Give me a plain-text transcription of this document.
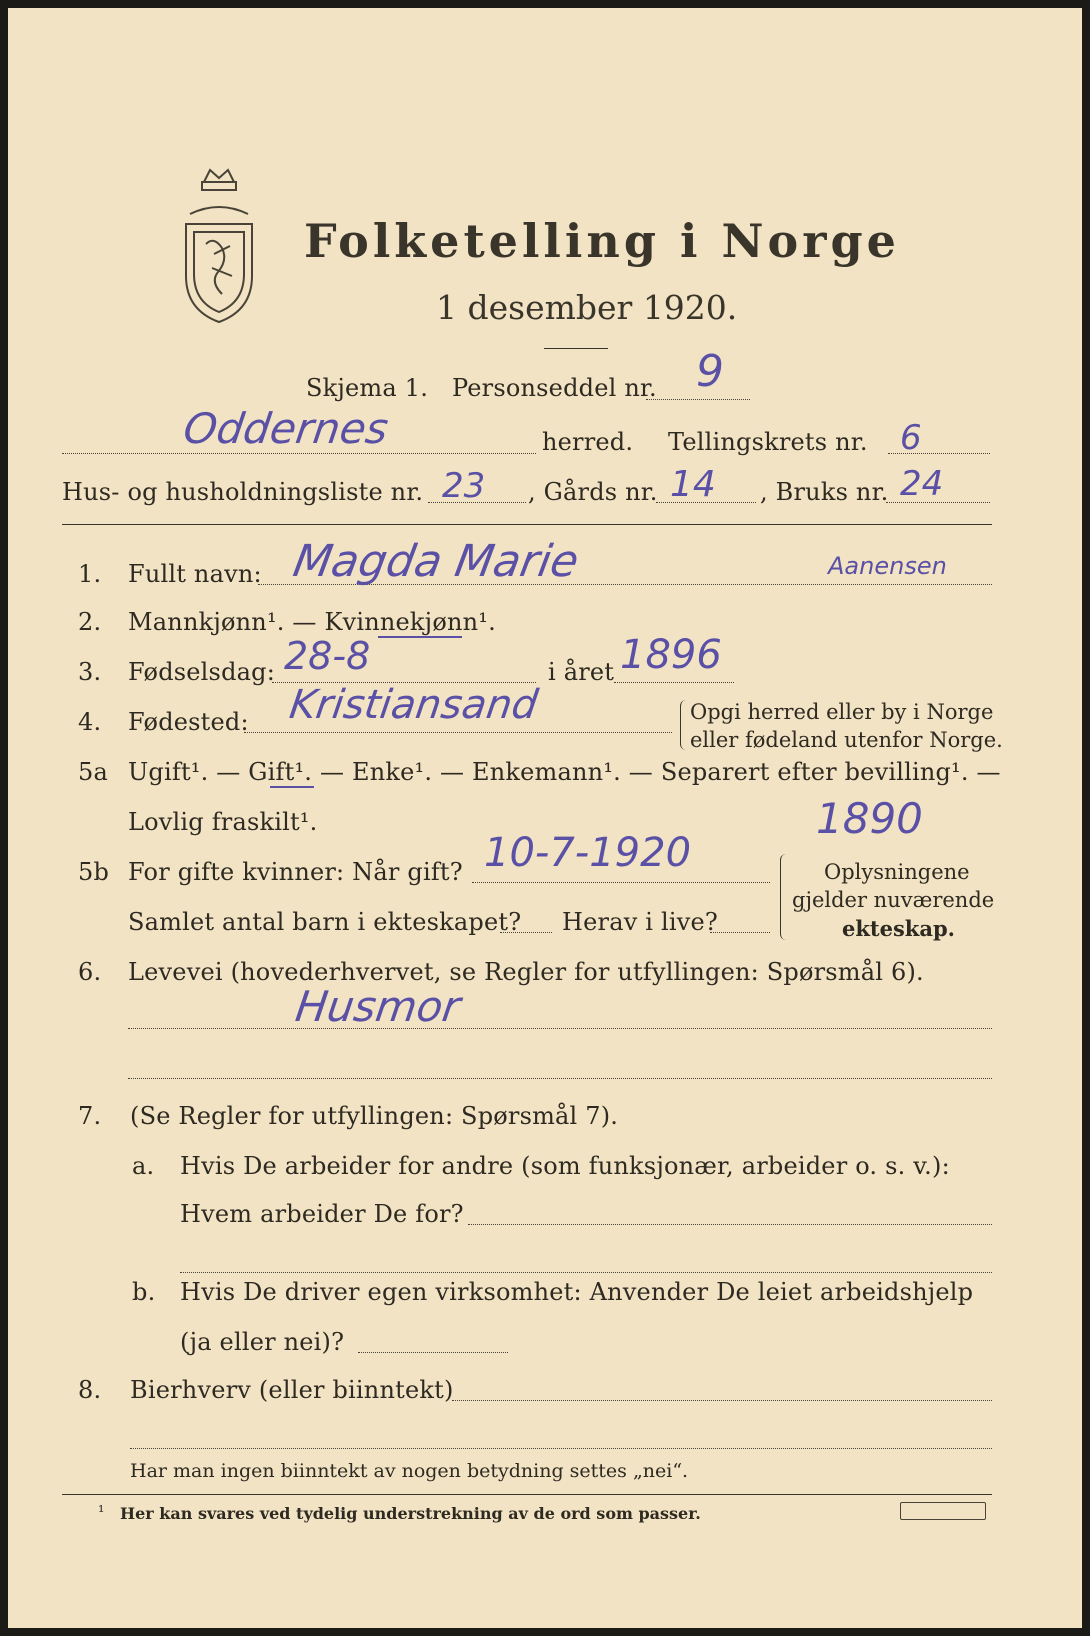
Folketelling i Norge
1 desember 1920.
Skjema 1. Personseddel nr. 9
Oddernes	herred. Tellingskrets nr. 6
Hus- og husholdningsliste nr. 23 , Gårds nr. 14 , Bruks nr. 24
1. Fullt navn: Magda Marie	Aanensen
2. Mannkjønn¹. — Kvinnekjønn¹.
3. Fødselsdag: 28-8	i året 1896
4. Fødested: Kristiansand	Opgi herred eller by i Norge
eller fødeland utenfor Norge.
5a Ugift¹. — Gift¹. — Enke¹. — Enkemann¹. — Separert efter bevilling¹. —
Lovlig fraskilt¹.	1890
5b For gifte kvinner: Når gift? 10-7-1920
Samlet antal barn i ekteskapet? Herav i live?
Oplysningene
gjelder nuværende
ekteskap.
6. Levevei (hovederhvervet, se Regler for utfyllingen: Spørsmål 6).
Husmor
7. (Se Regler for utfyllingen: Spørsmål 7).
a. Hvis De arbeider for andre (som funksjonær, arbeider o. s. v.):
Hvem arbeider De for?
b. Hvis De driver egen virksomhet: Anvender De leiet arbeidshjelp
(ja eller nei)?
8. Bierhverv (eller biinntekt)
Har man ingen biinntekt av nogen betydning settes „nei“.
¹ Her kan svares ved tydelig understrekning av de ord som passer.
